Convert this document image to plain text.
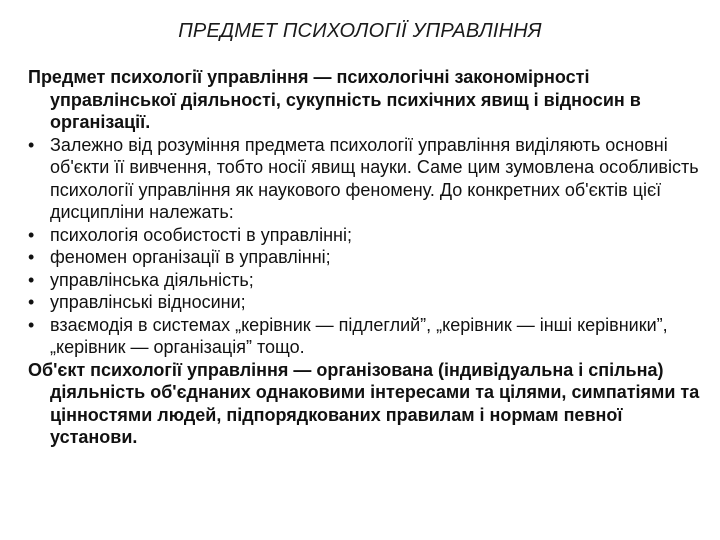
ПРЕДМЕТ ПСИХОЛОГІЇ УПРАВЛІННЯ

Предмет психології управління — психологічні закономірності управлінської діяльності, сукупність психічних явищ і відносин в організації.

• Залежно від розуміння предмета психології управління виділяють основні об'єкти її вивчення, тобто носії явищ науки. Саме цим зумовлена особливість психології управління як наукового феномену. До конкретних об'єктів цієї дисципліни належать:
• психологія особистості в управлінні;
• феномен організації в управлінні;
• управлінська діяльність;
• управлінські відносини;
• взаємодія в системах „керівник — підлеглий”, „керівник — інші керівники”, „керівник — організація” тощо.

Об'єкт психології управління — організована (індивідуальна і спільна) діяльність об'єднаних однаковими інтересами та цілями, симпатіями та цінностями людей, підпорядкованих правилам і нормам певної установи.
